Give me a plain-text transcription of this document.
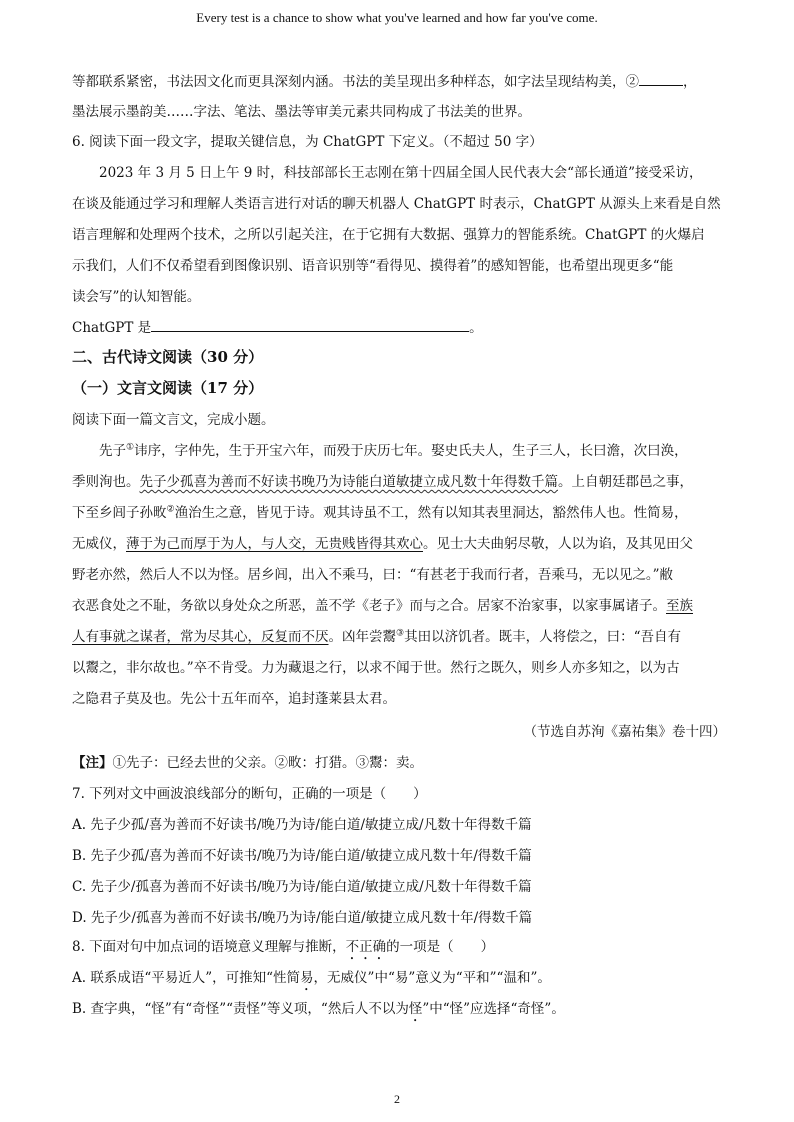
Every test is a chance to show what you've learned and how far you've come.
等都联系紧密，书法因文化而更具深刻内涵。书法的美呈现出多种样态，如字法呈现结构美，②	，
墨法展示墨韵美……字法、笔法、墨法等审美元素共同构成了书法美的世界。
6. 阅读下面一段文字，提取关键信息，为 ChatGPT 下定义。（不超过 50 字）
2023 年 3 月 5 日上午 9 时，科技部部长王志刚在第十四届全国人民代表大会“部长通道”接受采访，
在谈及能通过学习和理解人类语言进行对话的聊天机器人 ChatGPT 时表示，ChatGPT 从源头上来看是自然
语言理解和处理两个技术，之所以引起关注，在于它拥有大数据、强算力的智能系统。ChatGPT 的火爆启
示我们，人们不仅希望看到图像识别、语音识别等“看得见、摸得着”的感知智能，也希望出现更多“能
读会写”的认知智能。
ChatGPT 是	。
二、古代诗文阅读（30 分）
（一）文言文阅读（17 分）
阅读下面一篇文言文，完成小题。
先子①讳序，字仲先，生于开宝六年，而殁于庆历七年。娶史氏夫人，生子三人，长曰澹，次曰涣，
季则洵也。先子少孤喜为善而不好读书晚乃为诗能白道敏捷立成凡数十年得数千篇。上自朝廷郡邑之事，
下至乡闾子孙畋②渔治生之意，皆见于诗。观其诗虽不工，然有以知其表里洞达，豁然伟人也。性简易，
无威仪，薄于为己而厚于为人，与人交，无贵贱皆得其欢心。见士大夫曲躬尽敬，人以为谄，及其见田父
野老亦然，然后人不以为怪。居乡闾，出入不乘马，曰：“有甚老于我而行者，吾乘马，无以见之。”敝
衣恶食处之不耻，务欲以身处众之所恶，盖不学《老子》而与之合。居家不治家事，以家事属诸子。至族
人有事就之谋者，常为尽其心，反复而不厌。凶年尝鬻③其田以济饥者。既丰，人将偿之，曰：“吾自有
以鬻之，非尔故也。”卒不肯受。力为藏退之行，以求不闻于世。然行之既久，则乡人亦多知之，以为古
之隐君子莫及也。先公十五年而卒，追封蓬莱县太君。
（节选自苏洵《嘉祐集》卷十四）
【注】①先子：已经去世的父亲。②畋：打猎。③鬻：卖。
7. 下列对文中画波浪线部分的断句，正确的一项是（　　）
A. 先子少孤/喜为善而不好读书/晚乃为诗/能白道/敏捷立成/凡数十年得数千篇
B. 先子少孤/喜为善而不好读书/晚乃为诗/能白道/敏捷立成凡数十年/得数千篇
C. 先子少/孤喜为善而不好读书/晚乃为诗/能白道/敏捷立成/凡数十年得数千篇
D. 先子少/孤喜为善而不好读书/晚乃为诗/能白道/敏捷立成凡数十年/得数千篇
8. 下面对句中加点词的语境意义理解与推断，不正确的一项是（　　）
A. 联系成语“平易近人”，可推知“性简易，无威仪”中“易”意义为“平和”“温和”。
B. 查字典，“怪”有“奇怪”“责怪”等义项，“然后人不以为怪”中“怪”应选择“奇怪”。
2
